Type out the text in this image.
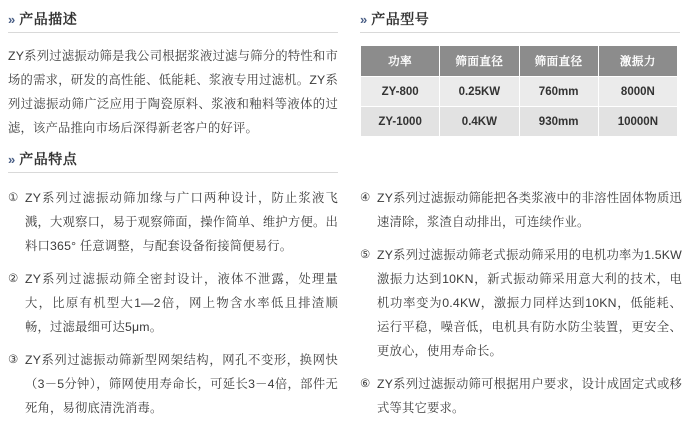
» 产品描述
ZY系列过滤振动筛是我公司根据浆液过滤与筛分的特性和市场的需求，研发的高性能、低能耗、浆液专用过滤机。ZY系列过滤振动筛广泛应用于陶瓷原料、浆液和釉料等液体的过滤，该产品推向市场后深得新老客户的好评。
» 产品型号
功率	筛面直径	筛面直径	激振力
ZY-800	0.25KW	760mm	8000N
ZY-1000	0.4KW	930mm	10000N
» 产品特点
① ZY系列过滤振动筛加缘与广口两种设计，防止浆液飞溅，大观察口，易于观察筛面，操作简单、维护方便。出料口365° 任意调整，与配套设备衔接简便易行。
② ZY系列过滤振动筛全密封设计，液体不泄露，处理量大，比原有机型大1—2倍，网上物含水率低且排渣顺畅，过滤最细可达5μm。
③ ZY系列过滤振动筛新型网架结构，网孔不变形，换网快（3－5分钟），筛网使用寿命长，可延长3－4倍，部件无死角，易彻底清洗消毒。
④ ZY系列过滤振动筛能把各类浆液中的非溶性固体物质迅速清除，浆渣自动排出，可连续作业。
⑤ ZY系列过滤振动筛老式振动筛采用的电机功率为1.5KW激振力达到10KN，新式振动筛采用意大利的技术，电机功率变为0.4KW，激振力同样达到10KN，低能耗、运行平稳，噪音低，电机具有防水防尘装置，更安全、更放心，使用寿命长。
⑥ ZY系列过滤振动筛可根据用户要求，设计成固定式或移式等其它要求。
